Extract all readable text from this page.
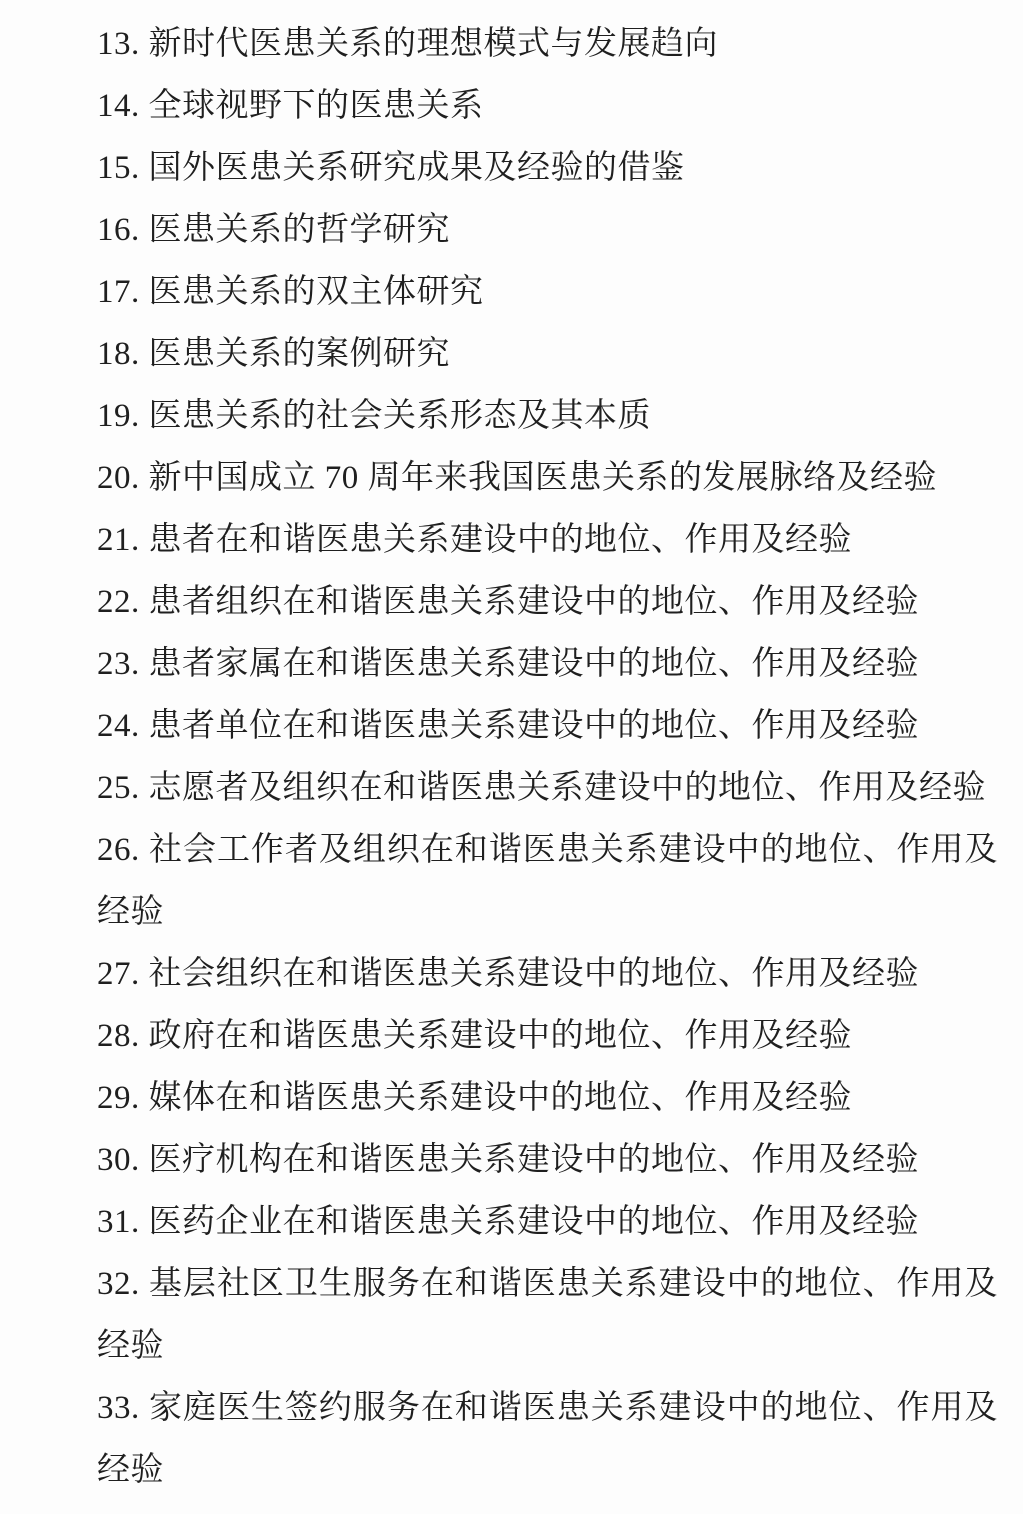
13. 新时代医患关系的理想模式与发展趋向

14. 全球视野下的医患关系

15. 国外医患关系研究成果及经验的借鉴

16. 医患关系的哲学研究

17. 医患关系的双主体研究

18. 医患关系的案例研究

19. 医患关系的社会关系形态及其本质

20. 新中国成立 70 周年来我国医患关系的发展脉络及经验

21. 患者在和谐医患关系建设中的地位、作用及经验

22. 患者组织在和谐医患关系建设中的地位、作用及经验

23. 患者家属在和谐医患关系建设中的地位、作用及经验

24. 患者单位在和谐医患关系建设中的地位、作用及经验

25. 志愿者及组织在和谐医患关系建设中的地位、作用及经验

26. 社会工作者及组织在和谐医患关系建设中的地位、作用及经验

27. 社会组织在和谐医患关系建设中的地位、作用及经验

28. 政府在和谐医患关系建设中的地位、作用及经验

29. 媒体在和谐医患关系建设中的地位、作用及经验

30. 医疗机构在和谐医患关系建设中的地位、作用及经验

31. 医药企业在和谐医患关系建设中的地位、作用及经验

32. 基层社区卫生服务在和谐医患关系建设中的地位、作用及经验

33. 家庭医生签约服务在和谐医患关系建设中的地位、作用及经验
